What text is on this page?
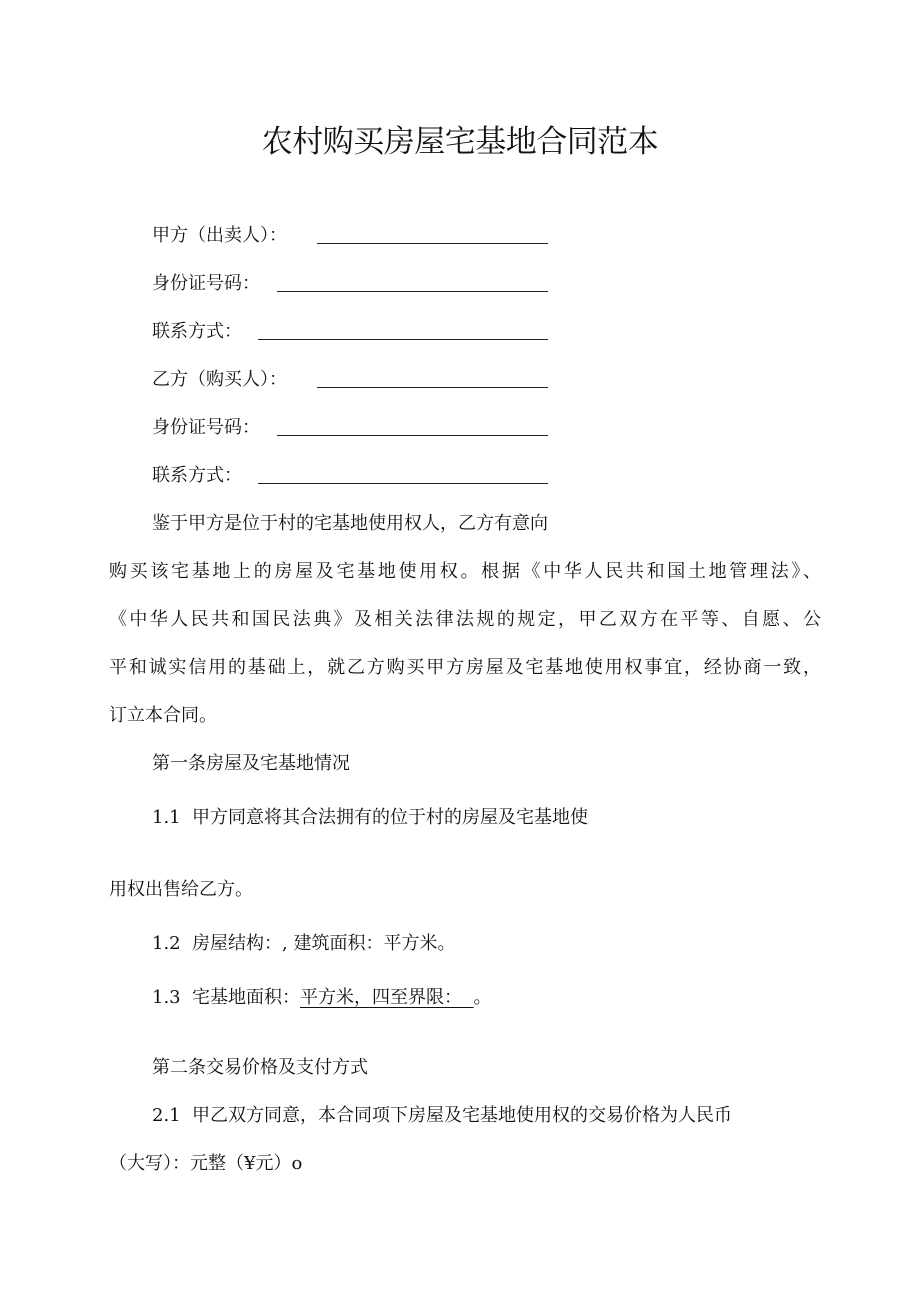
农村购买房屋宅基地合同范本
甲方（出卖人）：
身份证号码：
联系方式：
乙方（购买人）：
身份证号码：
联系方式：
鉴于甲方是位于村的宅基地使用权人，乙方有意向
购买该宅基地上的房屋及宅基地使用权。根据《中华人民共和国土地管理法》、
《中华人民共和国民法典》及相关法律法规的规定，甲乙双方在平等、自愿、公
平和诚实信用的基础上，就乙方购买甲方房屋及宅基地使用权事宜，经协商一致，
订立本合同。
第一条房屋及宅基地情况
1.1 甲方同意将其合法拥有的位于村的房屋及宅基地使
用权出售给乙方。
1.2 房屋结构：, 建筑面积：平方米。
1.3 宅基地面积：平方米，四至界限： 。
第二条交易价格及支付方式
2.1 甲乙双方同意，本合同项下房屋及宅基地使用权的交易价格为人民币
（大写）：元整（¥元）o
